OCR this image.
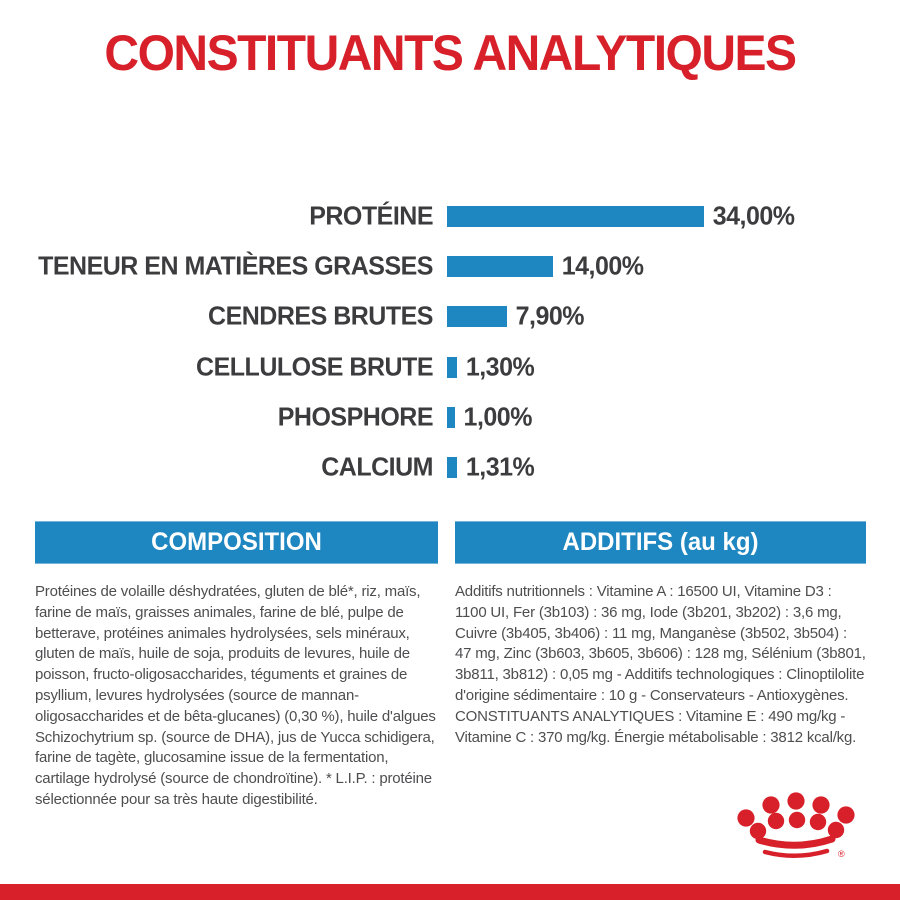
CONSTITUANTS ANALYTIQUES
PROTÉINE	34,00%
TENEUR EN MATIÈRES GRASSES	14,00%
CENDRES BRUTES	7,90%
CELLULOSE BRUTE 1,30%
PHOSPHORE 1,00%
CALCIUM 1,31%
COMPOSITION
Protéines de volaille déshydratées, gluten de blé*, riz, maïs, farine de maïs, graisses animales, farine de blé, pulpe de betterave, protéines animales hydrolysées, sels minéraux, gluten de maïs, huile de soja, produits de levures, huile de poisson, fructo-oligosaccharides, téguments et graines de psyllium, levures hydrolysées (source de mannan-oligosaccharides et de bêta-glucanes) (0,30 %), huile d'algues Schizochytrium sp. (source de DHA), jus de Yucca schidigera, farine de tagète, glucosamine issue de la fermentation, cartilage hydrolysé (source de chondroïtine). * L.I.P. : protéine sélectionnée pour sa très haute digestibilité.
ADDITIFS (au kg)
Additifs nutritionnels : Vitamine A : 16500 UI, Vitamine D3 : 1100 UI, Fer (3b103) : 36 mg, Iode (3b201, 3b202) : 3,6 mg, Cuivre (3b405, 3b406) : 11 mg, Manganèse (3b502, 3b504) : 47 mg, Zinc (3b603, 3b605, 3b606) : 128 mg, Sélénium (3b801, 3b811, 3b812) : 0,05 mg - Additifs technologiques : Clinoptilolite d'origine sédimentaire : 10 g - Conservateurs - Antioxygènes. CONSTITUANTS ANALYTIQUES : Vitamine E : 490 mg/kg - Vitamine C : 370 mg/kg. Énergie métabolisable : 3812 kcal/kg.
®
